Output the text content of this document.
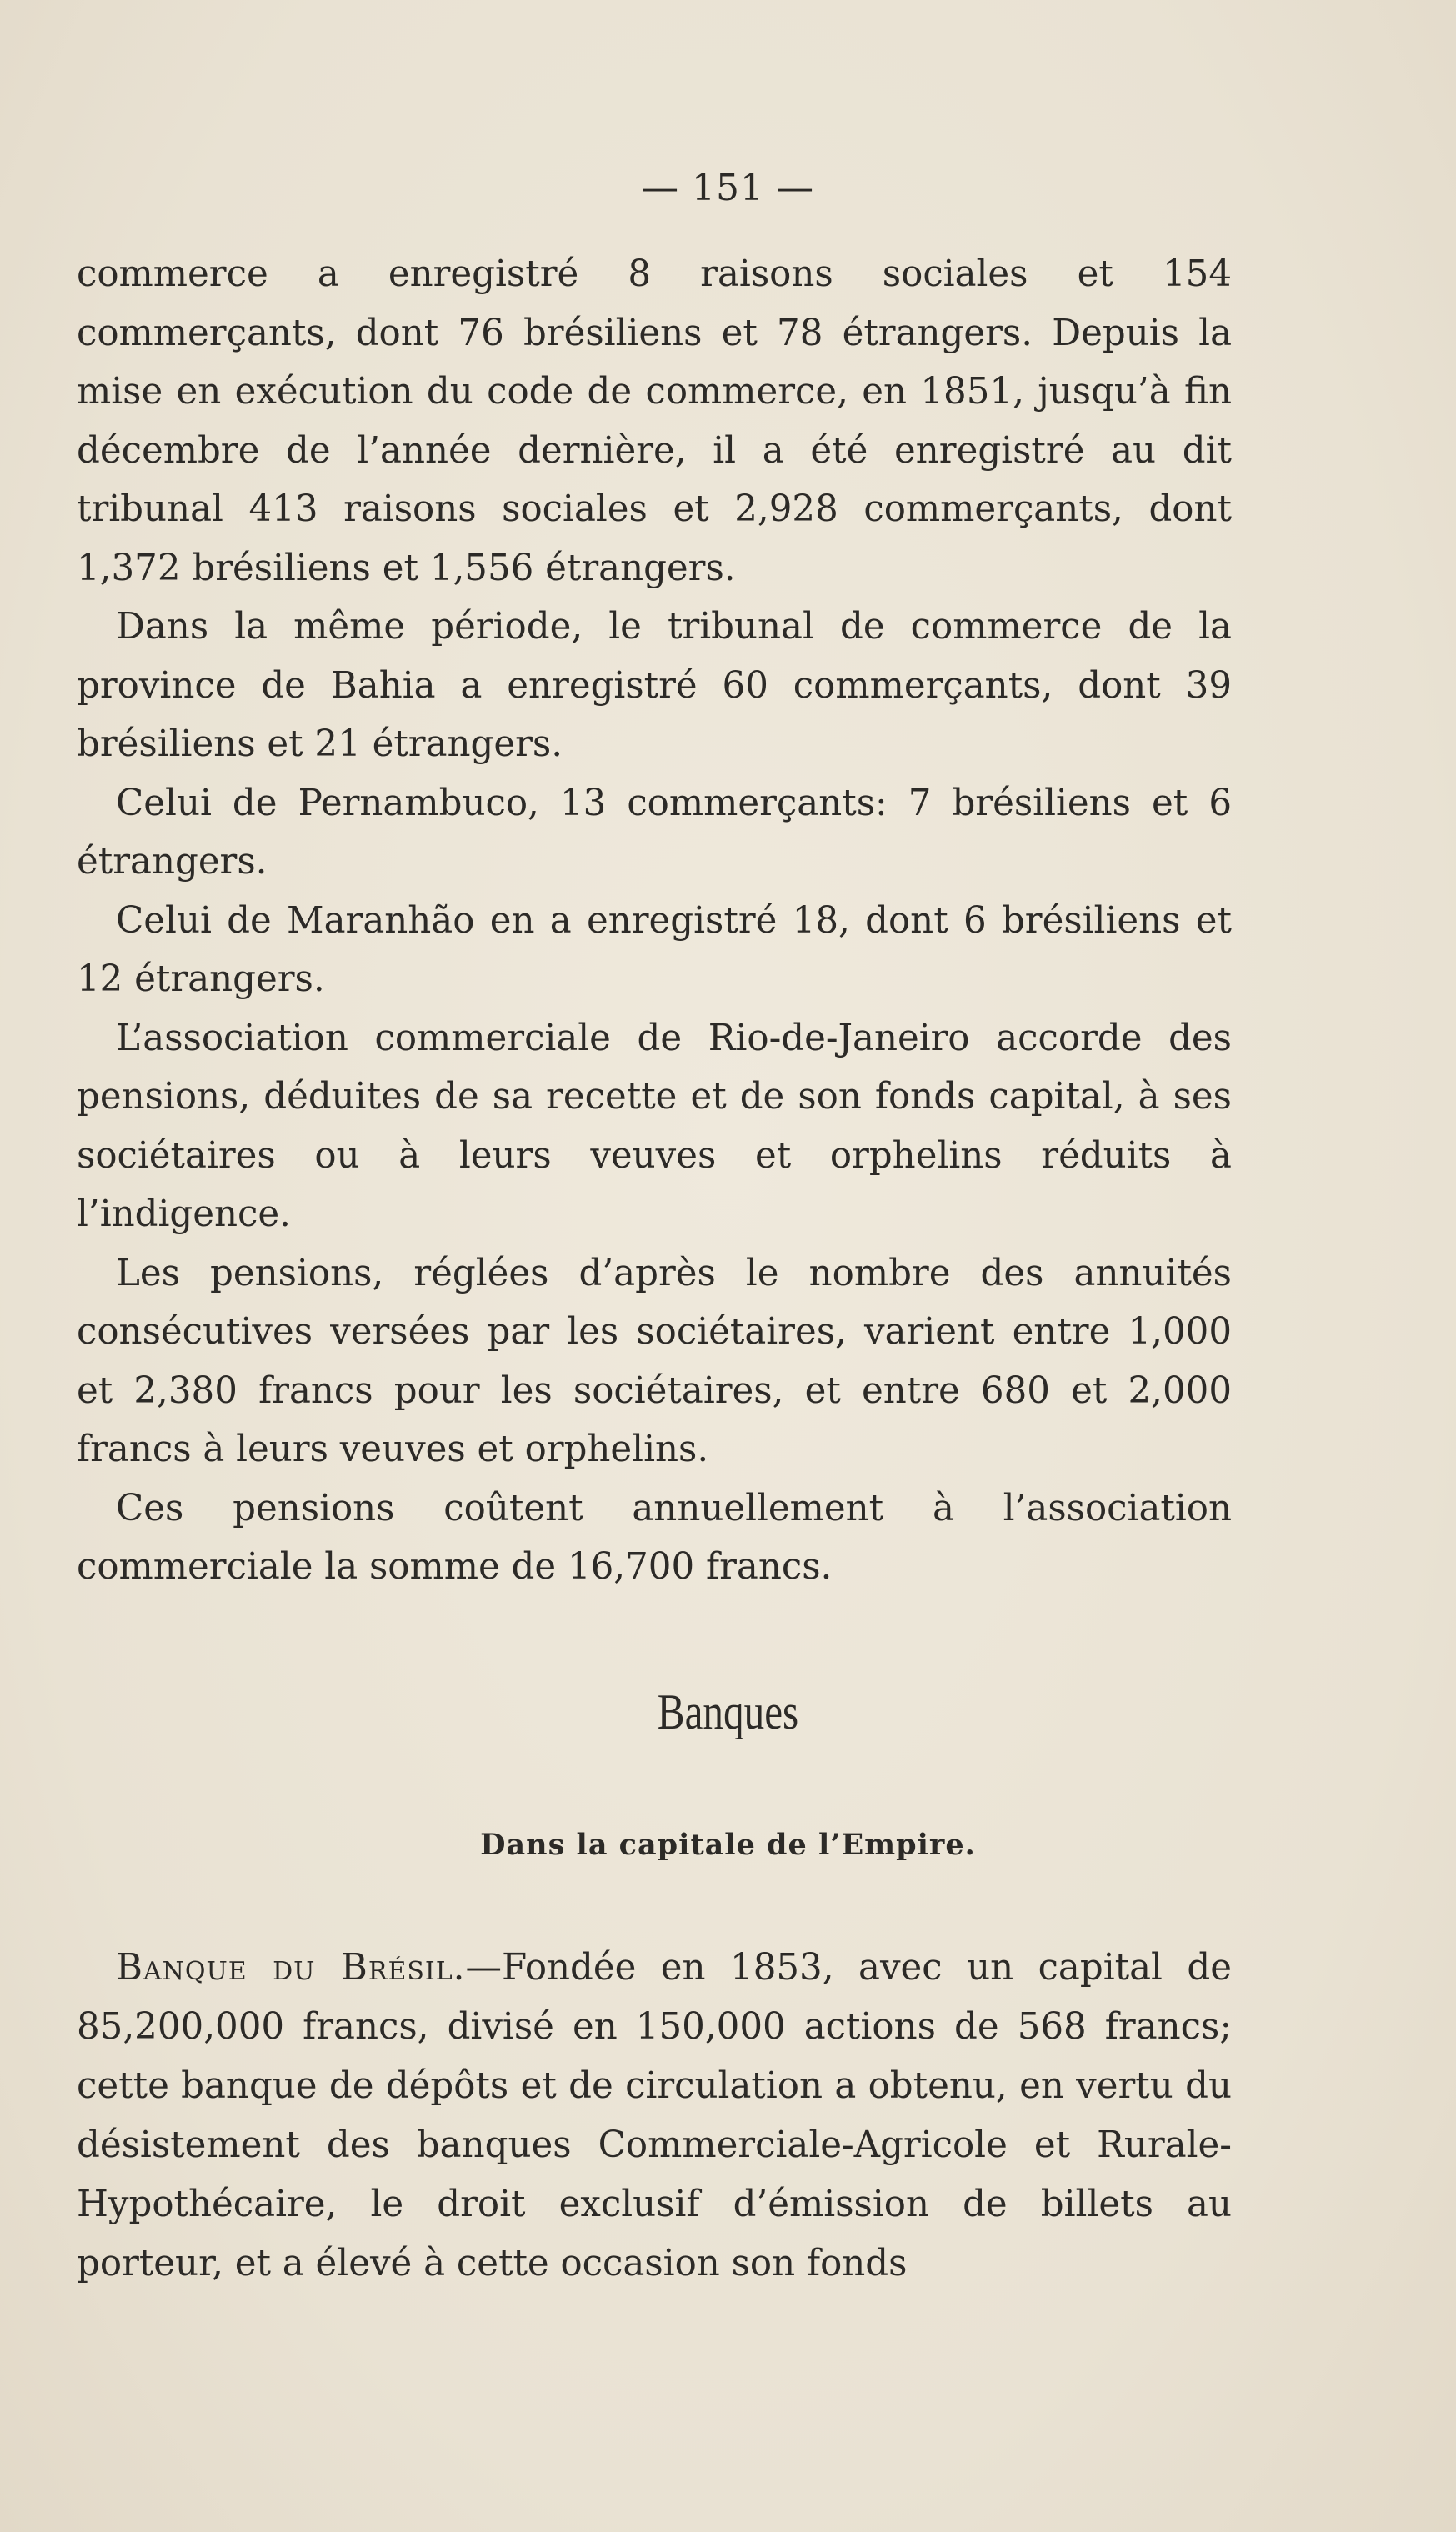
— 151 —

commerce a enregistré 8 raisons sociales et 154 commerçants, dont 76 brésiliens et 78 étrangers. Depuis la mise en exécution du code de commerce, en 1851, jusqu’à fin décembre de l’année dernière, il a été enregistré au dit tribunal 413 raisons sociales et 2,928 commerçants, dont 1,372 brésiliens et 1,556 étrangers.

Dans la même période, le tribunal de commerce de la province de Bahia a enregistré 60 commerçants, dont 39 brésiliens et 21 étrangers.

Celui de Pernambuco, 13 commerçants: 7 brésiliens et 6 étrangers.

Celui de Maranhão en a enregistré 18, dont 6 brésiliens et 12 étrangers.

L’association commerciale de Rio-de-Janeiro accorde des pensions, déduites de sa recette et de son fonds capital, à ses sociétaires ou à leurs veuves et orphelins réduits à l’indigence.

Les pensions, réglées d’après le nombre des annuités consécutives versées par les sociétaires, varient entre 1,000 et 2,380 francs pour les sociétaires, et entre 680 et 2,000 francs à leurs veuves et orphelins.

Ces pensions coûtent annuellement à l’association commerciale la somme de 16,700 francs.

Banques
Dans la capitale de l’Empire.

Banque du Brésil.—Fondée en 1853, avec un capital de 85,200,000 francs, divisé en 150,000 actions de 568 francs; cette banque de dépôts et de circulation a obtenu, en vertu du désistement des banques Commerciale-Agricole et Rurale-Hypothécaire, le droit exclusif d’émission de billets au porteur, et a élevé à cette occasion son fonds
